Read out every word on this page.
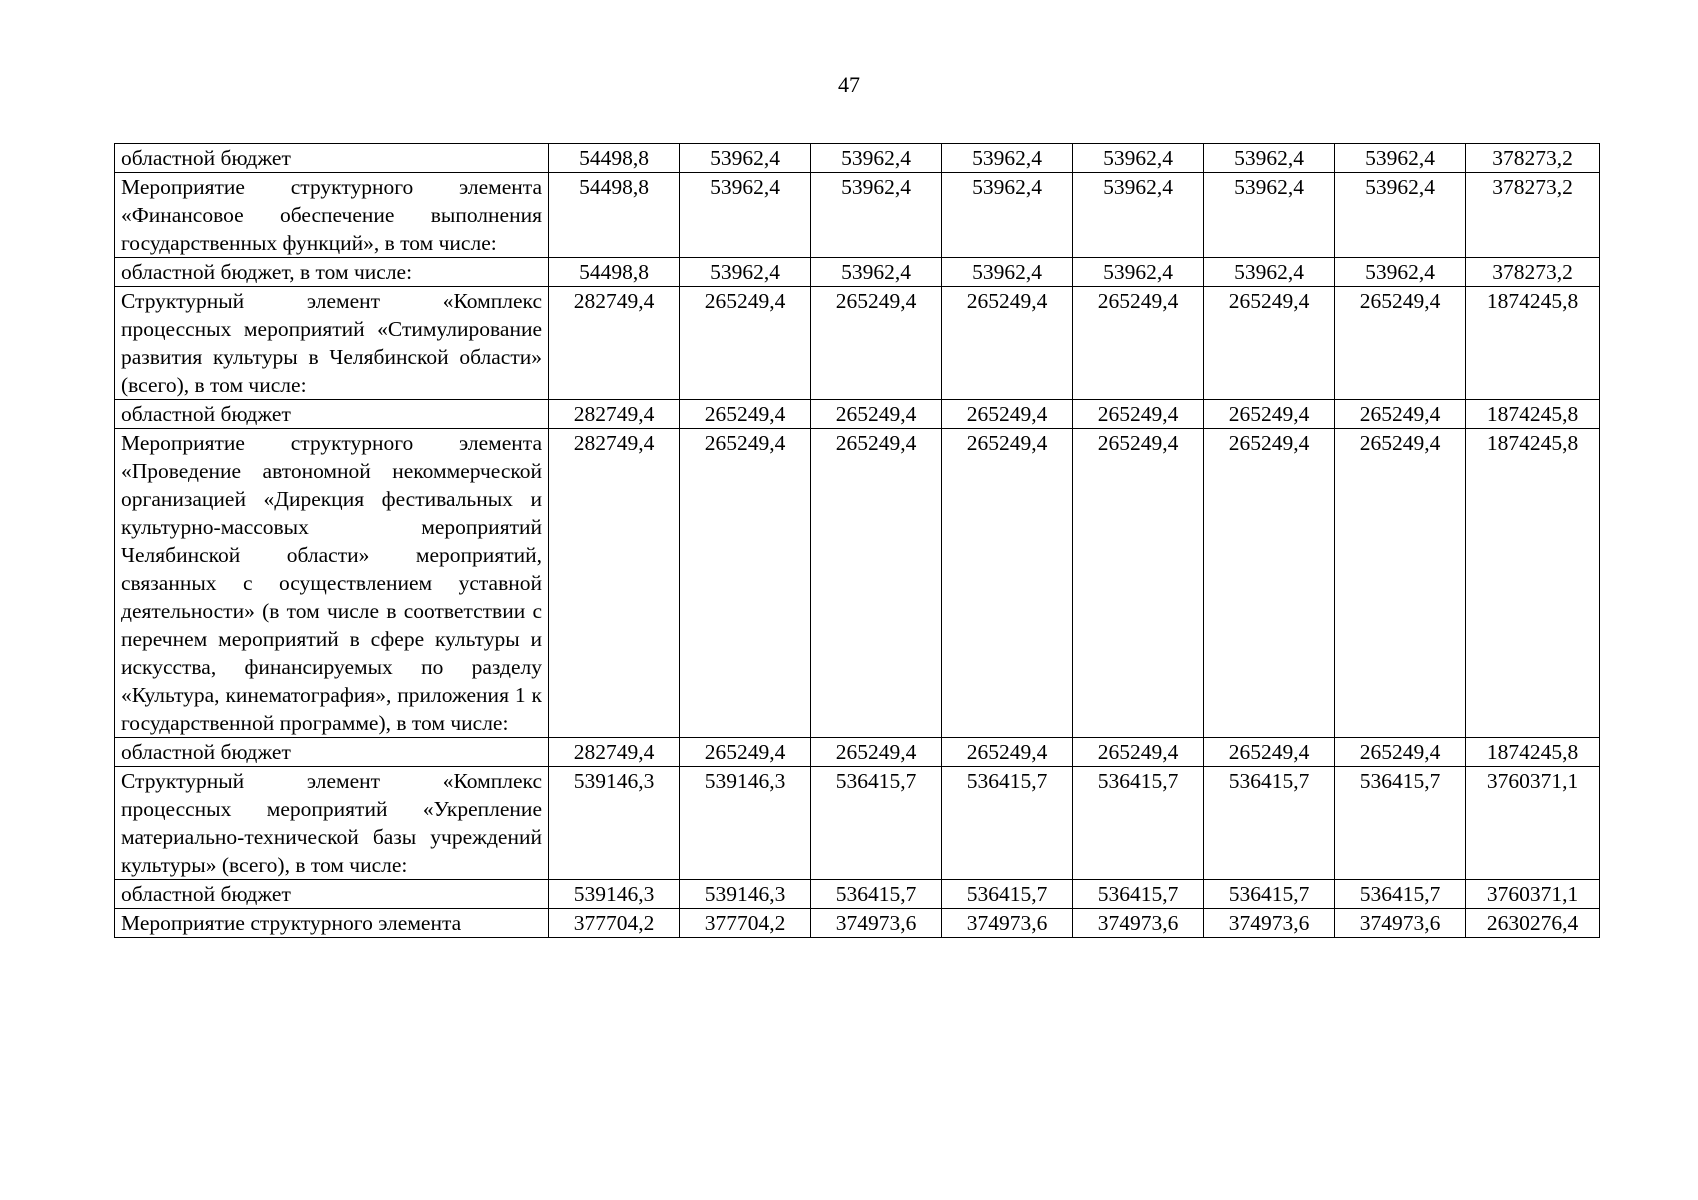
47
областной бюджет	54498,8	53962,4	53962,4	53962,4	53962,4	53962,4	53962,4	378273,2
Мероприятие структурного элемента «Финансовое обеспечение выполнения государственных функций», в том числе:	54498,8	53962,4	53962,4	53962,4	53962,4	53962,4	53962,4	378273,2
областной бюджет, в том числе:	54498,8	53962,4	53962,4	53962,4	53962,4	53962,4	53962,4	378273,2
Структурный элемент «Комплекс процессных мероприятий «Стимулирование развития культуры в Челябинской области» (всего), в том числе:	282749,4	265249,4	265249,4	265249,4	265249,4	265249,4	265249,4	1874245,8
областной бюджет	282749,4	265249,4	265249,4	265249,4	265249,4	265249,4	265249,4	1874245,8
Мероприятие структурного элемента «Проведение автономной некоммерческой организацией «Дирекция фестивальных и культурно-массовых мероприятий Челябинской области» мероприятий, связанных с осуществлением уставной деятельности» (в том числе в соответствии с перечнем мероприятий в сфере культуры и искусства, финансируемых по разделу «Культура, кинематография», приложения 1 к государственной программе), в том числе:	282749,4	265249,4	265249,4	265249,4	265249,4	265249,4	265249,4	1874245,8
областной бюджет	282749,4	265249,4	265249,4	265249,4	265249,4	265249,4	265249,4	1874245,8
Структурный элемент «Комплекс процессных мероприятий «Укрепление материально-технической базы учреждений культуры» (всего), в том числе:	539146,3	539146,3	536415,7	536415,7	536415,7	536415,7	536415,7	3760371,1
областной бюджет	539146,3	539146,3	536415,7	536415,7	536415,7	536415,7	536415,7	3760371,1
Мероприятие структурного элемента	377704,2	377704,2	374973,6	374973,6	374973,6	374973,6	374973,6	2630276,4
